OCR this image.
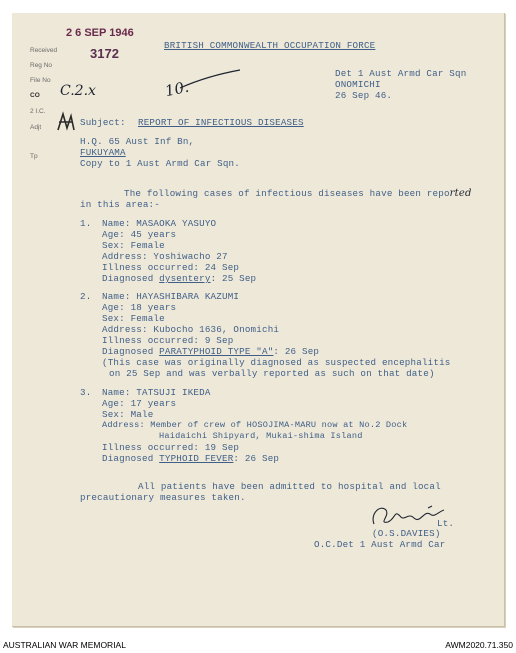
2 6 SEP 1946
Received
Reg No
File No
CO
2 I.C.
Adjt
Tp
3172
C.2.x	10.
BRITISH COMMONWEALTH OCCUPATION FORCE
Det 1 Aust Armd Car Sqn
ONOMICHI
26 Sep 46.
Subject: REPORT OF INFECTIOUS DISEASES
H.Q. 65 Aust Inf Bn,
FUKUYAMA
Copy to 1 Aust Armd Car Sqn.
The following cases of infectious diseases have been reported
in this area:-
1. Name: MASAOKA YASUYO
Age: 45 years
Sex: Female
Address: Yoshiwacho 27
Illness occurred: 24 Sep
Diagnosed dysentery: 25 Sep
2. Name: HAYASHIBARA KAZUMI
Age: 18 years
Sex: Female
Address: Kubocho 1636, Onomichi
Illness occurred: 9 Sep
Diagnosed PARATYPHOID TYPE "A": 26 Sep
(This case was originally diagnosed as suspected encephalitis
on 25 Sep and was verbally reported as such on that date)
3. Name: TATSUJI IKEDA
Age: 17 years
Sex: Male
Address: Member of crew of HOSOJIMA-MARU now at No.2 Dock
Haidaichi Shipyard, Mukai-shima Island
Illness occurred: 19 Sep
Diagnosed TYPHOID FEVER: 26 Sep
All patients have been admitted to hospital and local
precautionary measures taken.
Lt.
(O.S.DAVIES)
O.C.Det 1 Aust Armd Car
AUSTRALIAN WAR MEMORIAL	AWM2020.71.350
